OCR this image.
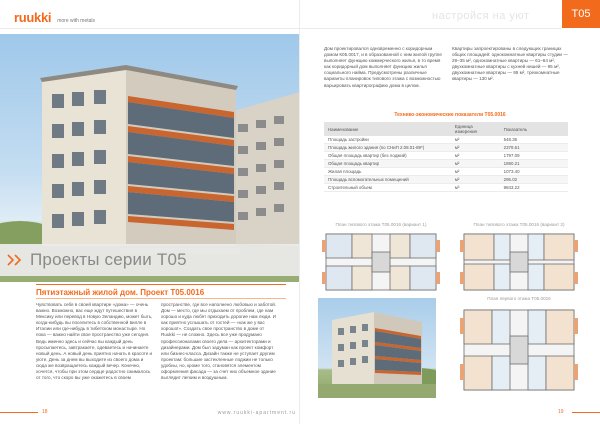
ruukki more with metals
Проекты серии Т05
Пятиэтажный жилой дом. Проект Т05.0016

Чувствовать себя в своей квартире «дома» — очень важно. Возможно, вас еще ждут путешествия в Мексику или перевод в Новую Зеландию, может быть, когда-нибудь вы поселитесь в собственной вилле в Италии или где-нибудь в тибетском монастыре. Но пока — важно найти свое пространство уже сегодня. Ведь именно здесь и сейчас вы каждый день просыпаетесь, завтракаете, одеваетесь и начинаете новый день. А новый день приятно начать в красоте и уюте. День за днем вы выходите из своего дома и сюда же возвращаетесь каждый вечер. Конечно, хочется, чтобы при этом сердце радостно сжималось от того, что скоро вы уже окажетесь в своем

пространстве, где все наполнено любовью и заботой. Дом — место, где мы отдыхаем от проблем, где нам хорошо и куда любят приходить дорогие нам люди. И как приятно услышать от гостей — «как же у вас хорошо!». Создать свое пространство в доме от Ruukki — не сложно. Здесь все уже продумано профессионалами своего дела — архитекторами и дизайнерами. Дом был задуман как проект комфорт или бизнес-класса. Дизайн также не уступает другим проектам: большие застекленные лоджии не только удобны, но, кроме того, становятся элементом оформления фасада — за счет них объемное здание выглядит легким и воздушным.

18	www.ruukki-apartment.ru
настройся на уют	T05

Дом проектировался одновременно с коридорным домом К05.0017, и в образованной с ним жилой группе выполняет функцию коммерческого жилья, в то время как коридорный дом выполняет функцию жилья социального найма. Предусмотрены различные варианты планировок типового этажа с возможностью варьировать квартирографию дома в целом.

Квартиры запроектированы в следующих границах общих площадей: однокомнатные квартиры студии — 29–35 м², однокомнатные квартиры — 61–64 м², двухкомнатные квартиры с кухней нишей — 95 м², двухкомнатные квартиры — 95 м², трехкомнатные квартиры — 130 м².

Технико-экономические показатели Т05.0016
Наименование	Единица измерения	Показатель
Площадь застройки	м²	548.35
Площадь жилого здания (по СНиП 2.08.01-89*)	м²	2378.61
Общая площадь квартир (без лоджий)	м²	1797.09
Общая площадь квартир	м²	1890.21
Жилая площадь	м²	1073.40
Площадь вспомогательных помещений	м²	295.02
Строительный объем	м³	9843.22
План типового этажа Т05.0016 (вариант 1)	План типового этажа Т05.0016 (вариант 2)
План первого этажа Т05.0016
19
